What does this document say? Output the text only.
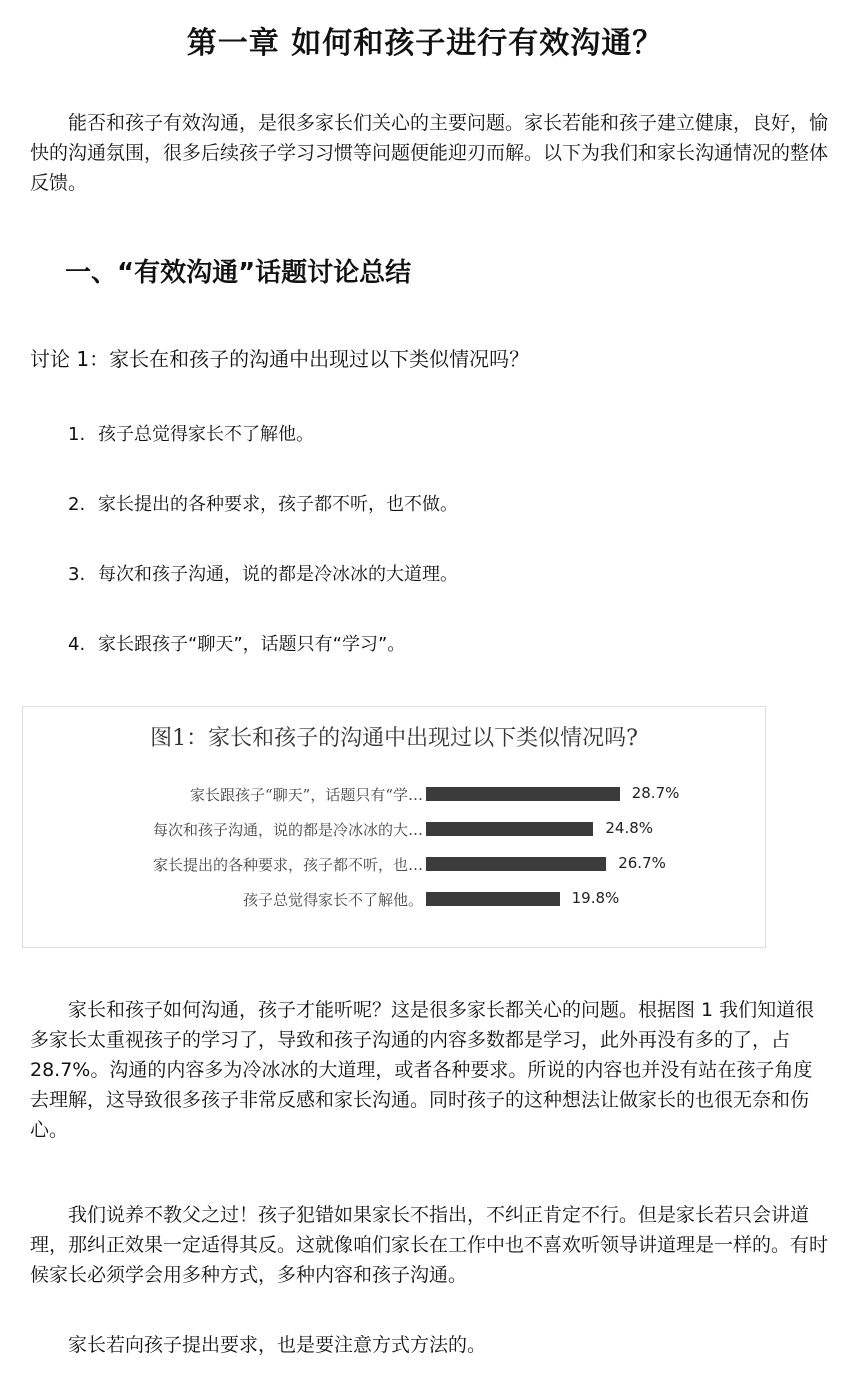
第一章 如何和孩子进行有效沟通？
能否和孩子有效沟通，是很多家长们关心的主要问题。家长若能和孩子建立健康，良好，愉快的沟通氛围，很多后续孩子学习习惯等问题便能迎刃而解。以下为我们和家长沟通情况的整体反馈。
一、“有效沟通”话题讨论总结
讨论 1：家长在和孩子的沟通中出现过以下类似情况吗？
1. 孩子总觉得家长不了解他。
2. 家长提出的各种要求，孩子都不听，也不做。
3. 每次和孩子沟通，说的都是冷冰冰的大道理。
4. 家长跟孩子“聊天”，话题只有“学习”。
图1：家长和孩子的沟通中出现过以下类似情况吗?
家长跟孩子“聊天”，话题只有“学…	28.7%
每次和孩子沟通，说的都是冷冰冰的大…	24.8%
家长提出的各种要求，孩子都不听，也…	26.7%
孩子总觉得家长不了解他。	19.8%
家长和孩子如何沟通，孩子才能听呢？这是很多家长都关心的问题。根据图 1 我们知道很多家长太重视孩子的学习了，导致和孩子沟通的内容多数都是学习，此外再没有多的了，占 28.7%。沟通的内容多为冷冰冰的大道理，或者各种要求。所说的内容也并没有站在孩子角度去理解，这导致很多孩子非常反感和家长沟通。同时孩子的这种想法让做家长的也很无奈和伤心。
我们说养不教父之过！孩子犯错如果家长不指出，不纠正肯定不行。但是家长若只会讲道理，那纠正效果一定适得其反。这就像咱们家长在工作中也不喜欢听领导讲道理是一样的。有时候家长必须学会用多种方式，多种内容和孩子沟通。
家长若向孩子提出要求，也是要注意方式方法的。
